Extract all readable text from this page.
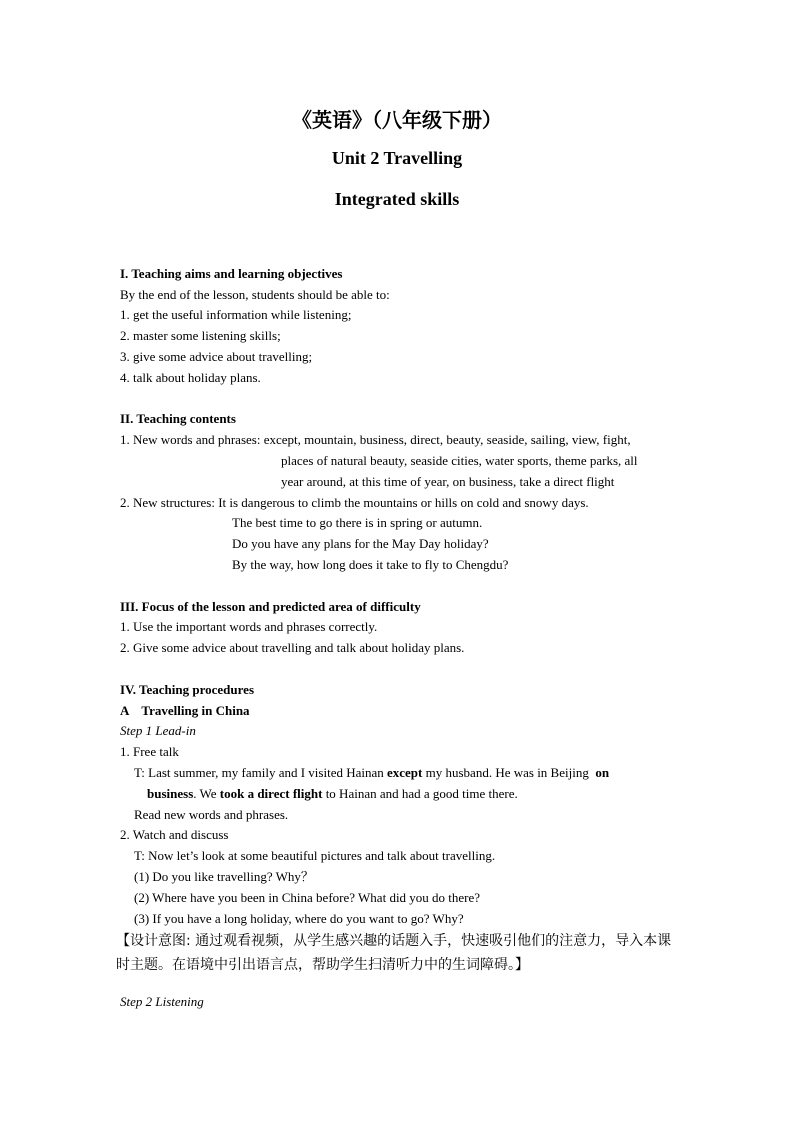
《英语》（八年级下册）
Unit 2 Travelling
Integrated skills
I. Teaching aims and learning objectives
By the end of the lesson, students should be able to:
1. get the useful information while listening;
2. master some listening skills;
3. give some advice about travelling;
4. talk about holiday plans.
II. Teaching contents
1. New words and phrases: except, mountain, business, direct, beauty, seaside, sailing, view, fight,
places of natural beauty, seaside cities, water sports, theme parks, all
year around, at this time of year, on business, take a direct flight
2. New structures: It is dangerous to climb the mountains or hills on cold and snowy days.
The best time to go there is in spring or autumn.
Do you have any plans for the May Day holiday?
By the way, how long does it take to fly to Chengdu?
III. Focus of the lesson and predicted area of difficulty
1. Use the important words and phrases correctly.
2. Give some advice about travelling and talk about holiday plans.
IV. Teaching procedures
A    Travelling in China
Step 1 Lead-in
1. Free talk
T: Last summer, my family and I visited Hainan except my husband. He was in Beijing  on
business. We took a direct flight to Hainan and had a good time there.
Read new words and phrases.
2. Watch and discuss
T: Now let’s look at some beautiful pictures and talk about travelling.
(1) Do you like travelling? Why？
(2) Where have you been in China before? What did you do there?
(3) If you have a long holiday, where do you want to go? Why?
【设计意图: 通过观看视频，从学生感兴趣的话题入手，快速吸引他们的注意力，导入本课时主题。在语境中引出语言点，帮助学生扫清听力中的生词障碍。】
Step 2 Listening
